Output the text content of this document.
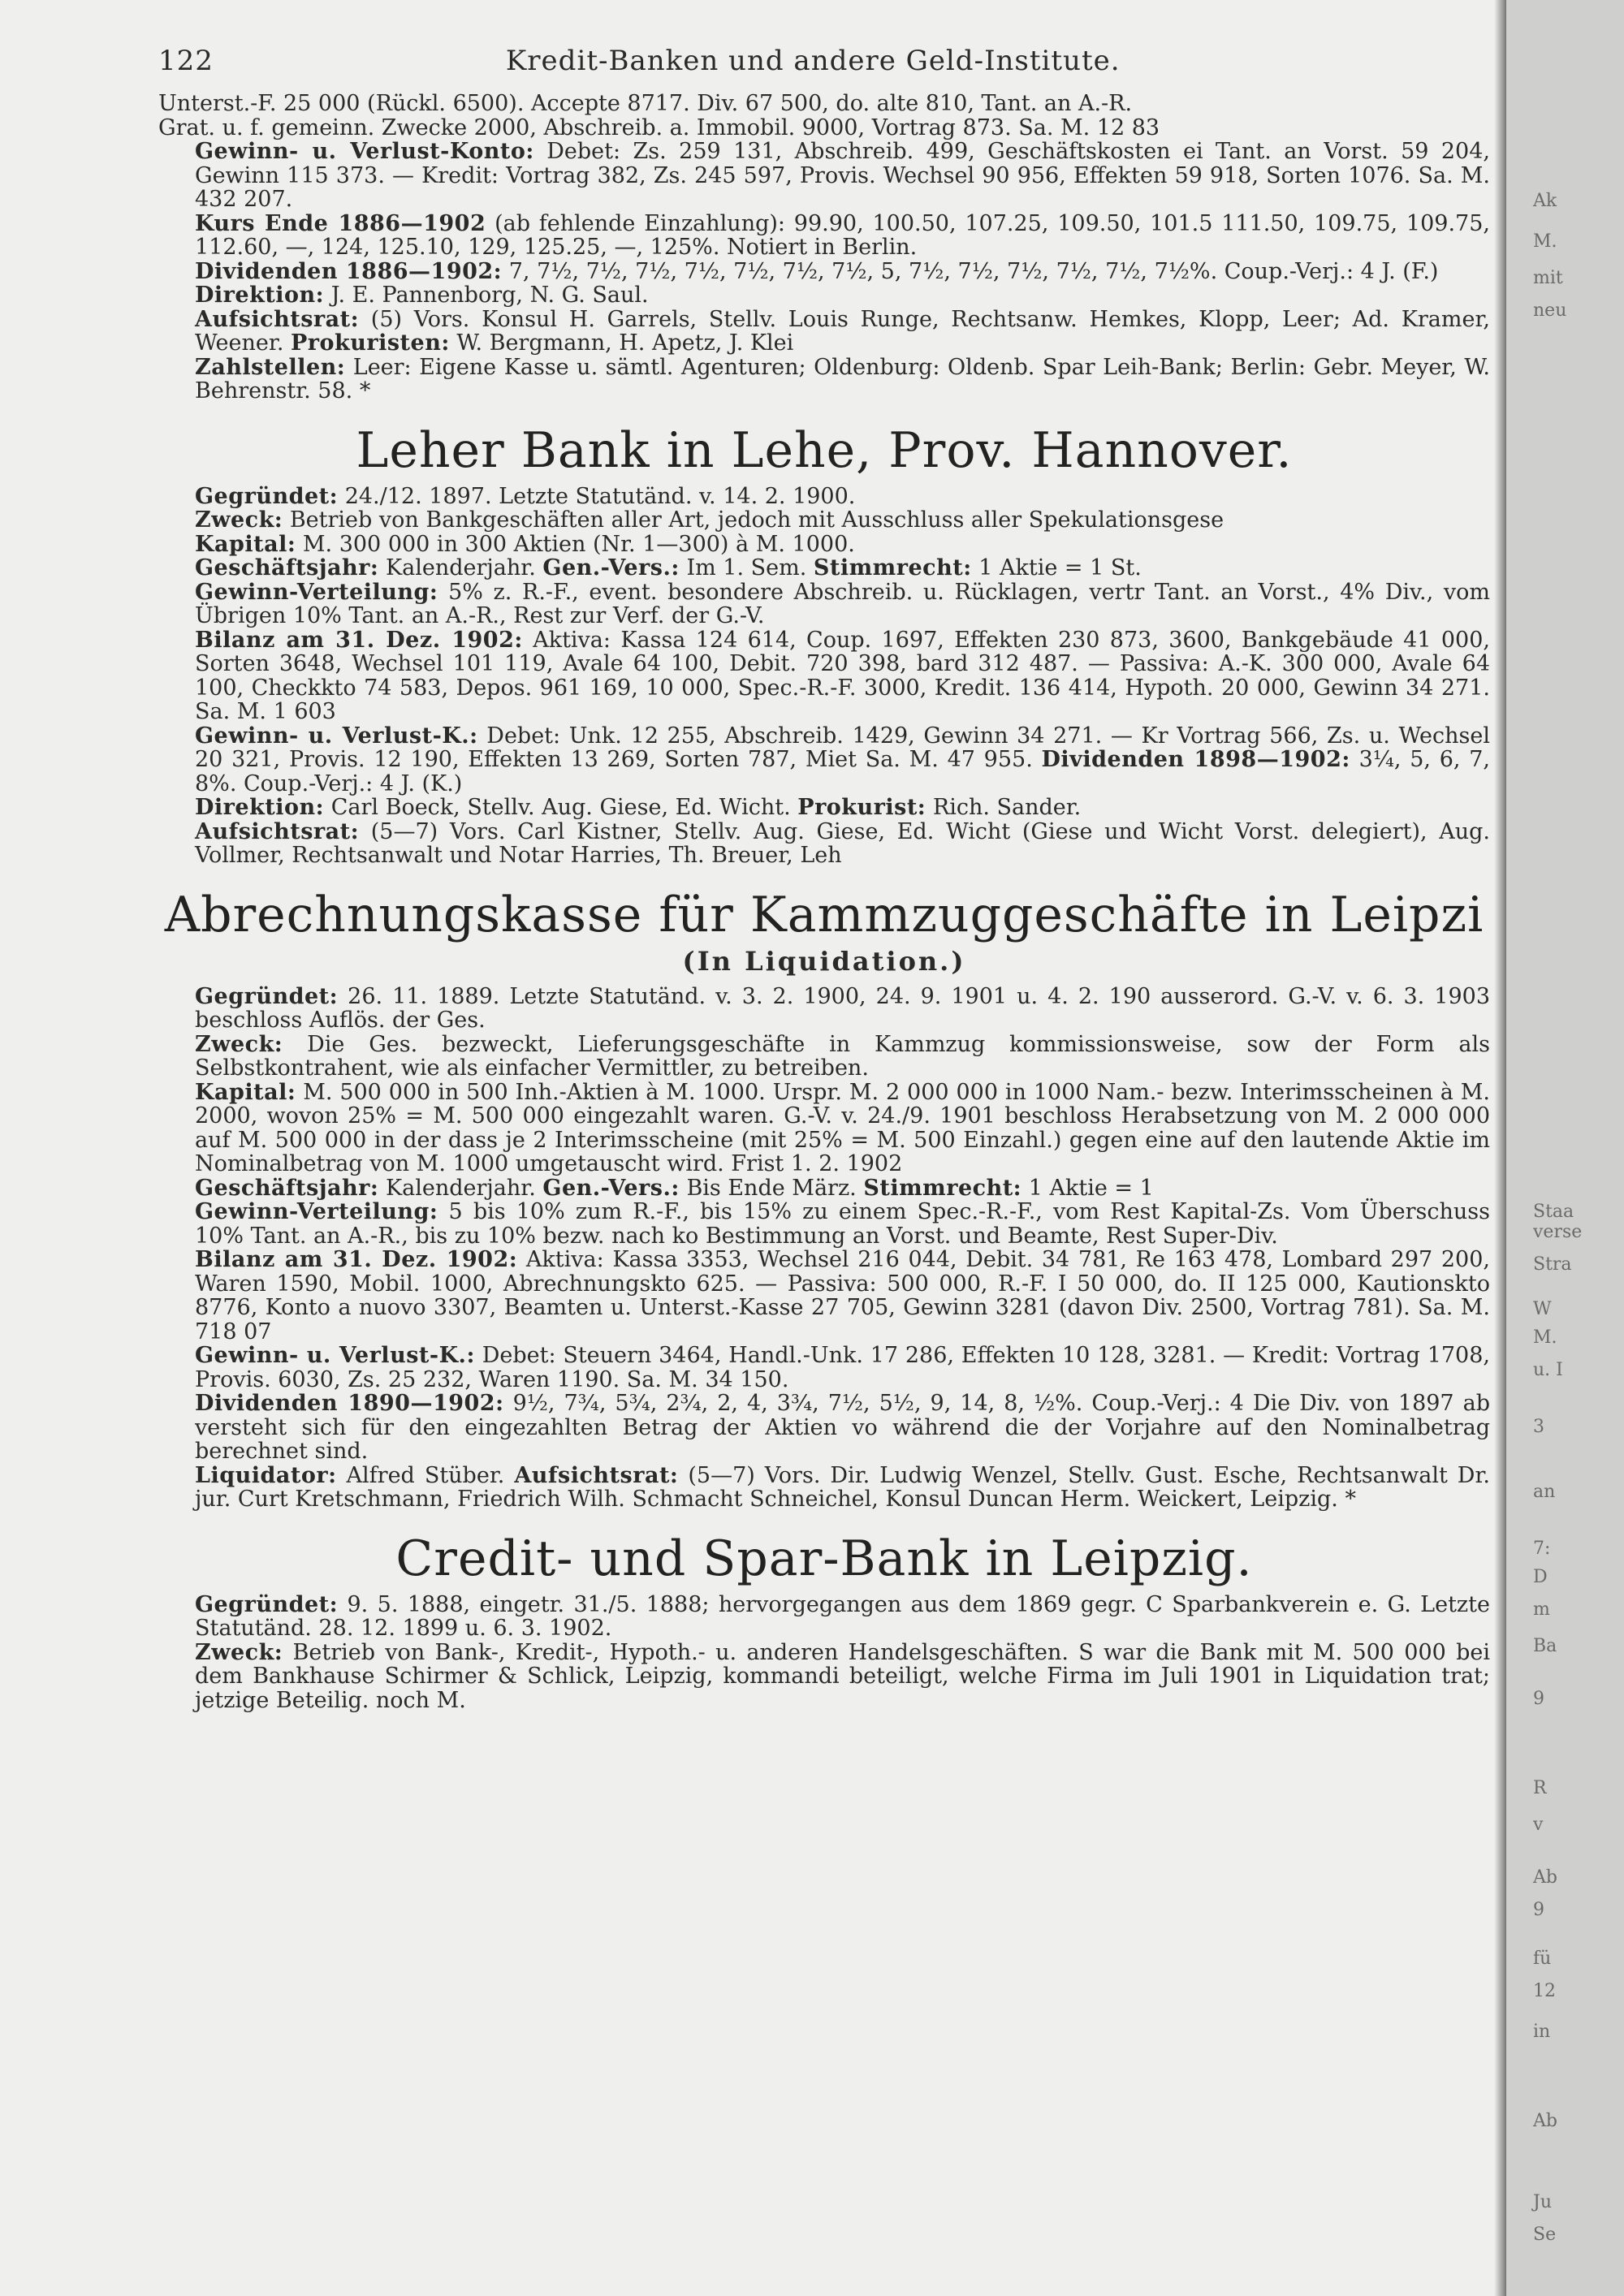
122	Kredit-Banken und andere Geld-Institute.

Unterst.-F. 25 000 (Rückl. 6500). Accepte 8717. Div. 67 500, do. alte 810, Tant. an A.-R.

Grat. u. f. gemeinn. Zwecke 2000, Abschreib. a. Immobil. 9000, Vortrag 873. Sa. M. 12 83

Gewinn- u. Verlust-Konto: Debet: Zs. 259 131, Abschreib. 499, Geschäftskosten ei Tant. an Vorst. 59 204, Gewinn 115 373. — Kredit: Vortrag 382, Zs. 245 597, Provis. Wechsel 90 956, Effekten 59 918, Sorten 1076. Sa. M. 432 207.

Kurs Ende 1886—1902 (ab fehlende Einzahlung): 99.90, 100.50, 107.25, 109.50, 101.5 111.50, 109.75, 109.75, 112.60, —, 124, 125.10, 129, 125.25, —, 125%. Notiert in Berlin.

Dividenden 1886—1902: 7, 7½, 7½, 7½, 7½, 7½, 7½, 7½, 5, 7½, 7½, 7½, 7½, 7½, 7½%. Coup.-Verj.: 4 J. (F.)

Direktion: J. E. Pannenborg, N. G. Saul.

Aufsichtsrat: (5) Vors. Konsul H. Garrels, Stellv. Louis Runge, Rechtsanw. Hemkes, Klopp, Leer; Ad. Kramer, Weener. Prokuristen: W. Bergmann, H. Apetz, J. Klei

Zahlstellen: Leer: Eigene Kasse u. sämtl. Agenturen; Oldenburg: Oldenb. Spar Leih-Bank; Berlin: Gebr. Meyer, W. Behrenstr. 58. *

Leher Bank in Lehe, Prov. Hannover.

Gegründet: 24./12. 1897. Letzte Statutänd. v. 14. 2. 1900.

Zweck: Betrieb von Bankgeschäften aller Art, jedoch mit Ausschluss aller Spekulationsgese

Kapital: M. 300 000 in 300 Aktien (Nr. 1—300) à M. 1000.

Geschäftsjahr: Kalenderjahr. Gen.-Vers.: Im 1. Sem. Stimmrecht: 1 Aktie = 1 St.

Gewinn-Verteilung: 5% z. R.-F., event. besondere Abschreib. u. Rücklagen, vertr Tant. an Vorst., 4% Div., vom Übrigen 10% Tant. an A.-R., Rest zur Verf. der G.-V.

Bilanz am 31. Dez. 1902: Aktiva: Kassa 124 614, Coup. 1697, Effekten 230 873, 3600, Bankgebäude 41 000, Sorten 3648, Wechsel 101 119, Avale 64 100, Debit. 720 398, bard 312 487. — Passiva: A.-K. 300 000, Avale 64 100, Checkkto 74 583, Depos. 961 169, 10 000, Spec.-R.-F. 3000, Kredit. 136 414, Hypoth. 20 000, Gewinn 34 271. Sa. M. 1 603

Gewinn- u. Verlust-K.: Debet: Unk. 12 255, Abschreib. 1429, Gewinn 34 271. — Kr Vortrag 566, Zs. u. Wechsel 20 321, Provis. 12 190, Effekten 13 269, Sorten 787, Miet Sa. M. 47 955. Dividenden 1898—1902: 3¼, 5, 6, 7, 8%. Coup.-Verj.: 4 J. (K.)

Direktion: Carl Boeck, Stellv. Aug. Giese, Ed. Wicht. Prokurist: Rich. Sander.

Aufsichtsrat: (5—7) Vors. Carl Kistner, Stellv. Aug. Giese, Ed. Wicht (Giese und Wicht Vorst. delegiert), Aug. Vollmer, Rechtsanwalt und Notar Harries, Th. Breuer, Leh

Abrechnungskasse für Kammzuggeschäfte in Leipzi
(In Liquidation.)

Gegründet: 26. 11. 1889. Letzte Statutänd. v. 3. 2. 1900, 24. 9. 1901 u. 4. 2. 190 ausserord. G.-V. v. 6. 3. 1903 beschloss Auflös. der Ges.

Zweck: Die Ges. bezweckt, Lieferungsgeschäfte in Kammzug kommissionsweise, sow der Form als Selbstkontrahent, wie als einfacher Vermittler, zu betreiben.

Kapital: M. 500 000 in 500 Inh.-Aktien à M. 1000. Urspr. M. 2 000 000 in 1000 Nam.- bezw. Interimsscheinen à M. 2000, wovon 25% = M. 500 000 eingezahlt waren. G.-V. v. 24./9. 1901 beschloss Herabsetzung von M. 2 000 000 auf M. 500 000 in der dass je 2 Interimsscheine (mit 25% = M. 500 Einzahl.) gegen eine auf den lautende Aktie im Nominalbetrag von M. 1000 umgetauscht wird. Frist 1. 2. 1902

Geschäftsjahr: Kalenderjahr. Gen.-Vers.: Bis Ende März. Stimmrecht: 1 Aktie = 1

Gewinn-Verteilung: 5 bis 10% zum R.-F., bis 15% zu einem Spec.-R.-F., vom Rest Kapital-Zs. Vom Überschuss 10% Tant. an A.-R., bis zu 10% bezw. nach ko Bestimmung an Vorst. und Beamte, Rest Super-Div.

Bilanz am 31. Dez. 1902: Aktiva: Kassa 3353, Wechsel 216 044, Debit. 34 781, Re 163 478, Lombard 297 200, Waren 1590, Mobil. 1000, Abrechnungskto 625. — Passiva: 500 000, R.-F. I 50 000, do. II 125 000, Kautionskto 8776, Konto a nuovo 3307, Beamten u. Unterst.-Kasse 27 705, Gewinn 3281 (davon Div. 2500, Vortrag 781). Sa. M. 718 07

Gewinn- u. Verlust-K.: Debet: Steuern 3464, Handl.-Unk. 17 286, Effekten 10 128, 3281. — Kredit: Vortrag 1708, Provis. 6030, Zs. 25 232, Waren 1190. Sa. M. 34 150.

Dividenden 1890—1902: 9½, 7¾, 5¾, 2¾, 2, 4, 3¾, 7½, 5½, 9, 14, 8, ½%. Coup.-Verj.: 4 Die Div. von 1897 ab versteht sich für den eingezahlten Betrag der Aktien vo während die der Vorjahre auf den Nominalbetrag berechnet sind.

Liquidator: Alfred Stüber. Aufsichtsrat: (5—7) Vors. Dir. Ludwig Wenzel, Stellv. Gust. Esche, Rechtsanwalt Dr. jur. Curt Kretschmann, Friedrich Wilh. Schmacht Schneichel, Konsul Duncan Herm. Weickert, Leipzig. *

Credit- und Spar-Bank in Leipzig.

Gegründet: 9. 5. 1888, eingetr. 31./5. 1888; hervorgegangen aus dem 1869 gegr. C Sparbankverein e. G. Letzte Statutänd. 28. 12. 1899 u. 6. 3. 1902.

Zweck: Betrieb von Bank-, Kredit-, Hypoth.- u. anderen Handelsgeschäften. S war die Bank mit M. 500 000 bei dem Bankhause Schirmer & Schlick, Leipzig, kommandi beteiligt, welche Firma im Juli 1901 in Liquidation trat; jetzige Beteilig. noch M.

Ak
M.
mit
neu
Staa
verse
Stra
W
M.
u. I
3
an
7:
D
m
Ba
9
R
v
Ab
9
fü
12
in
Ab
Ju
Se
